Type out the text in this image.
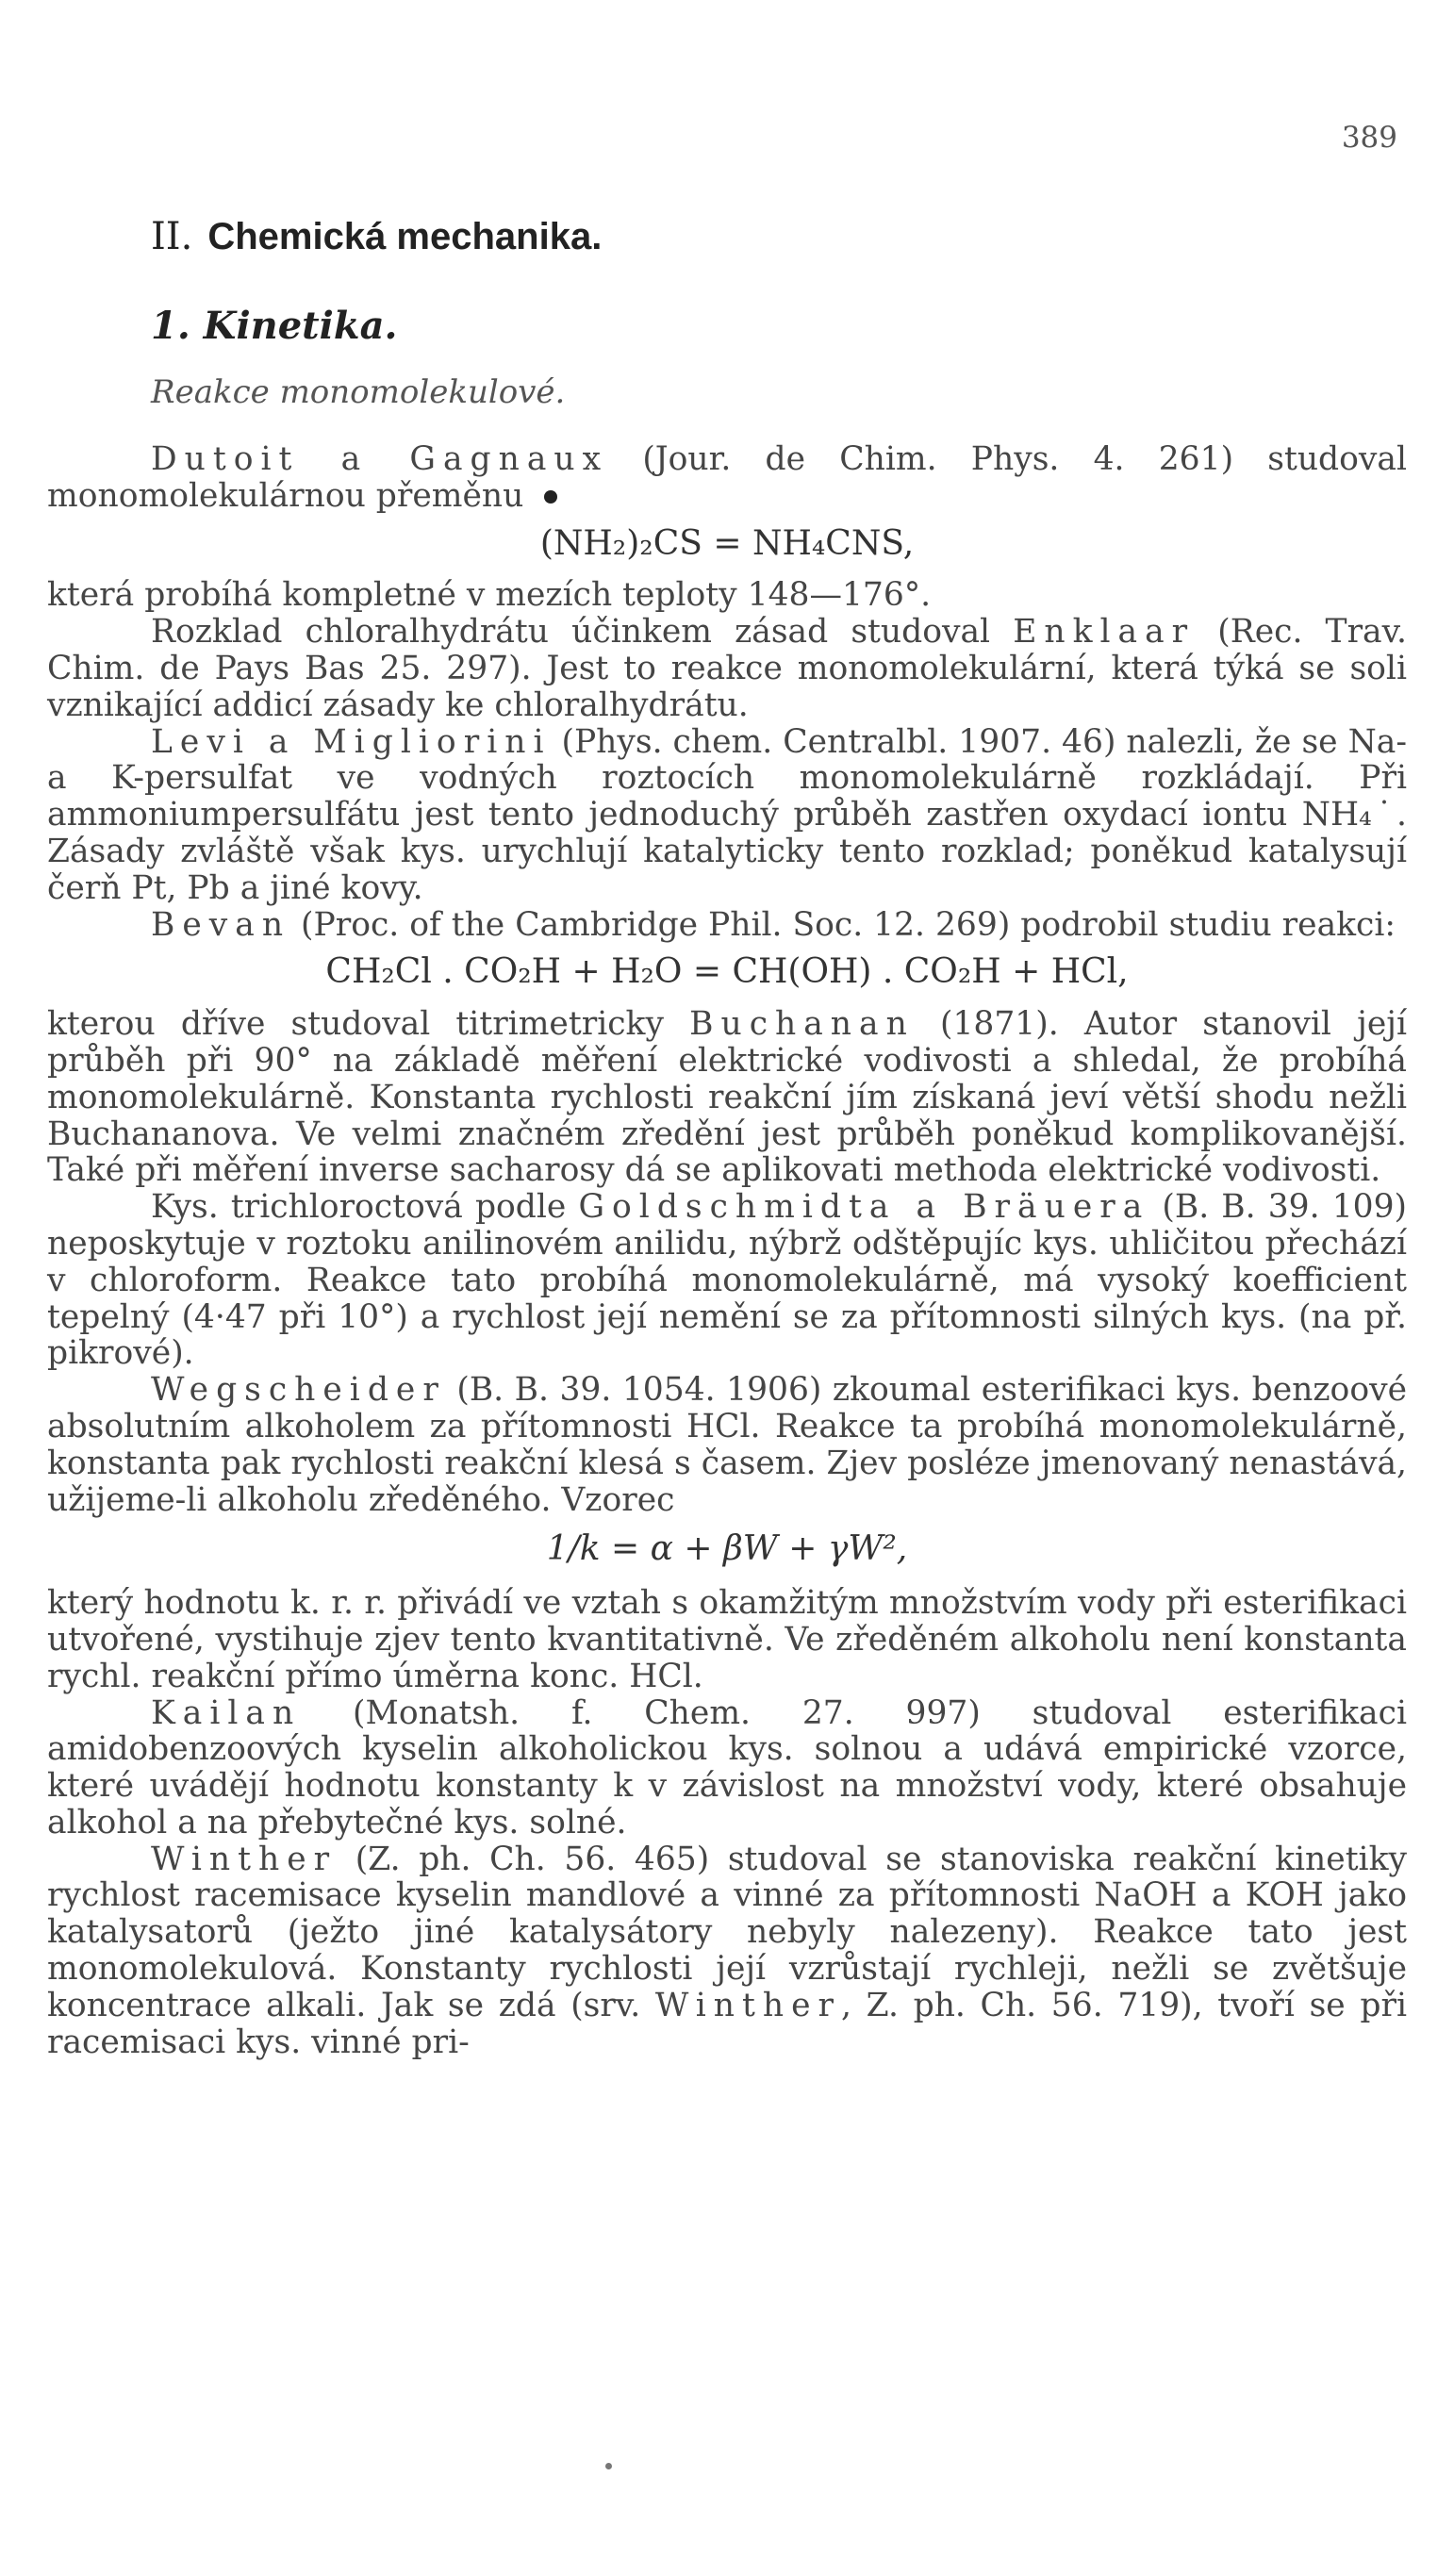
389
II. Chemická mechanika.
1. Kinetika.
Reakce monomolekulové.

Dutoit a Gagnaux (Jour. de Chim. Phys. 4. 261) studoval monomolekulárnou přeměnu

(NH₂)₂CS = NH₄CNS,

která probíhá kompletné v mezích teploty 148—176°.

Rozklad chloralhydrátu účinkem zásad studoval Enklaar (Rec. Trav. Chim. de Pays Bas 25. 297). Jest to reakce monomolekulární, která týká se soli vznikající addicí zásady ke chloralhydrátu.

Levi a Migliorini (Phys. chem. Centralbl. 1907. 46) nalezli, že se Na- a K-persulfat ve vodných roztocích monomolekulárně rozkládají. Při ammoniumpersulfátu jest tento jednoduchý průběh zastřen oxydací iontu NH₄˙. Zásady zvláště však kys. urychlují katalyticky tento rozklad; poněkud katalysují čerň Pt, Pb a jiné kovy.

Bevan (Proc. of the Cambridge Phil. Soc. 12. 269) podrobil studiu reakci:

CH₂Cl . CO₂H + H₂O = CH(OH) . CO₂H + HCl,

kterou dříve studoval titrimetricky Buchanan (1871). Autor stanovil její průběh při 90° na základě měření elektrické vodivosti a shledal, že probíhá monomolekulárně. Konstanta rychlosti reakční jím získaná jeví větší shodu nežli Buchananova. Ve velmi značném zředění jest průběh poněkud komplikovanější. Také při měření inverse sacharosy dá se aplikovati methoda elektrické vodivosti.

Kys. trichloroctová podle Goldschmidta a Bräuera (B. B. 39. 109) neposkytuje v roztoku anilinovém anilidu, nýbrž odštěpujíc kys. uhličitou přechází v chloroform. Reakce tato probíhá monomolekulárně, má vysoký koefficient tepelný (4·47 při 10°) a rychlost její nemění se za přítomnosti silných kys. (na př. pikrové).

Wegscheider (B. B. 39. 1054. 1906) zkoumal esterifikaci kys. benzoové absolutním alkoholem za přítomnosti HCl. Reakce ta probíhá monomolekulárně, konstanta pak rychlosti reakční klesá s časem. Zjev posléze jmenovaný nenastává, užijeme-li alkoholu zředěného. Vzorec

1/k = α + βW + γW²,

který hodnotu k. r. r. přivádí ve vztah s okamžitým množstvím vody při esterifikaci utvořené, vystihuje zjev tento kvantitativně. Ve zředěném alkoholu není konstanta rychl. reakční přímo úměrna konc. HCl.

Kailan (Monatsh. f. Chem. 27. 997) studoval esterifikaci amidobenzoových kyselin alkoholickou kys. solnou a udává empirické vzorce, které uvádějí hodnotu konstanty k v závislost na množství vody, které obsahuje alkohol a na přebytečné kys. solné.

Winther (Z. ph. Ch. 56. 465) studoval se stanoviska reakční kinetiky rychlost racemisace kyselin mandlové a vinné za přítomnosti NaOH a KOH jako katalysatorů (ježto jiné katalysátory nebyly nalezeny). Reakce tato jest monomolekulová. Konstanty rychlosti její vzrůstají rychleji, nežli se zvětšuje koncentrace alkali. Jak se zdá (srv. Winther, Z. ph. Ch. 56. 719), tvoří se při racemisaci kys. vinné pri-
